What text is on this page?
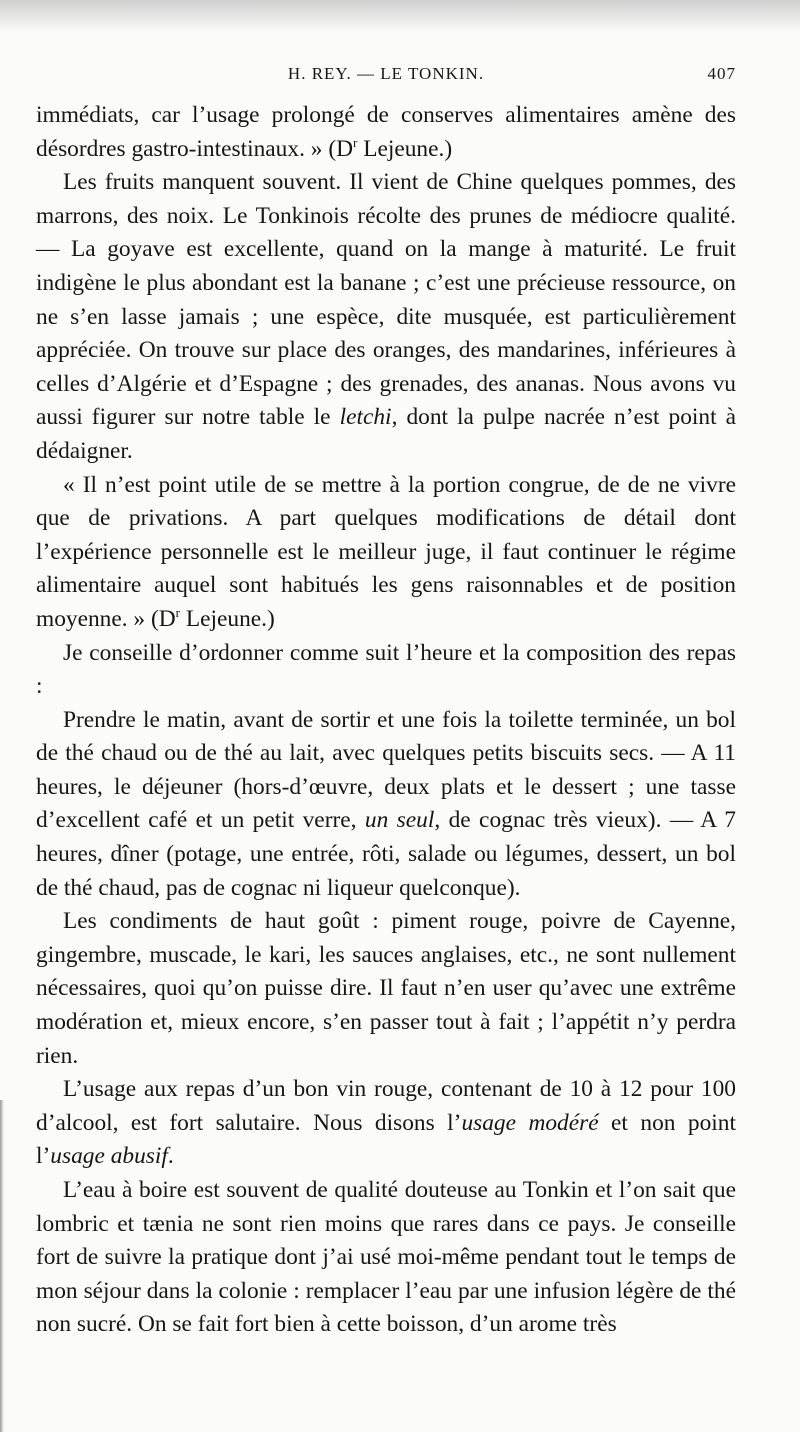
H. REY. — LE TONKIN.	407

immédiats, car l’usage prolongé de conserves alimentaires amène des désordres gastro-intestinaux. » ($D^r$ Lejeune.)

Les fruits manquent souvent. Il vient de Chine quelques pommes, des marrons, des noix. Le Tonkinois récolte des prunes de médiocre qualité. — La goyave est excellente, quand on la mange à maturité. Le fruit indigène le plus abondant est la banane ; c’est une précieuse ressource, on ne s’en lasse jamais ; une espèce, dite musquée, est particulièrement appréciée. On trouve sur place des oranges, des mandarines, inférieures à celles d’Algérie et d’Espagne ; des grenades, des ananas. Nous avons vu aussi figurer sur notre table le letchi, dont la pulpe nacrée n’est point à dédaigner.

« Il n’est point utile de se mettre à la portion congrue, de de ne vivre que de privations. A part quelques modifications de détail dont l’expérience personnelle est le meilleur juge, il faut continuer le régime alimentaire auquel sont habitués les gens raisonnables et de position moyenne. » ($D^r$ Lejeune.)

Je conseille d’ordonner comme suit l’heure et la composition des repas :

Prendre le matin, avant de sortir et une fois la toilette terminée, un bol de thé chaud ou de thé au lait, avec quelques petits biscuits secs. — A 11 heures, le déjeuner (hors-d’œuvre, deux plats et le dessert ; une tasse d’excellent café et un petit verre, un seul, de cognac très vieux). — A 7 heures, dîner (potage, une entrée, rôti, salade ou légumes, dessert, un bol de thé chaud, pas de cognac ni liqueur quelconque).

Les condiments de haut goût : piment rouge, poivre de Cayenne, gingembre, muscade, le kari, les sauces anglaises, etc., ne sont nullement nécessaires, quoi qu’on puisse dire. Il faut n’en user qu’avec une extrême modération et, mieux encore, s’en passer tout à fait ; l’appétit n’y perdra rien.

L’usage aux repas d’un bon vin rouge, contenant de 10 à 12 pour 100 d’alcool, est fort salutaire. Nous disons l’usage modéré et non point l’usage abusif.

L’eau à boire est souvent de qualité douteuse au Tonkin et l’on sait que lombric et tænia ne sont rien moins que rares dans ce pays. Je conseille fort de suivre la pratique dont j’ai usé moi-même pendant tout le temps de mon séjour dans la colonie : remplacer l’eau par une infusion légère de thé non sucré. On se fait fort bien à cette boisson, d’un arome très
